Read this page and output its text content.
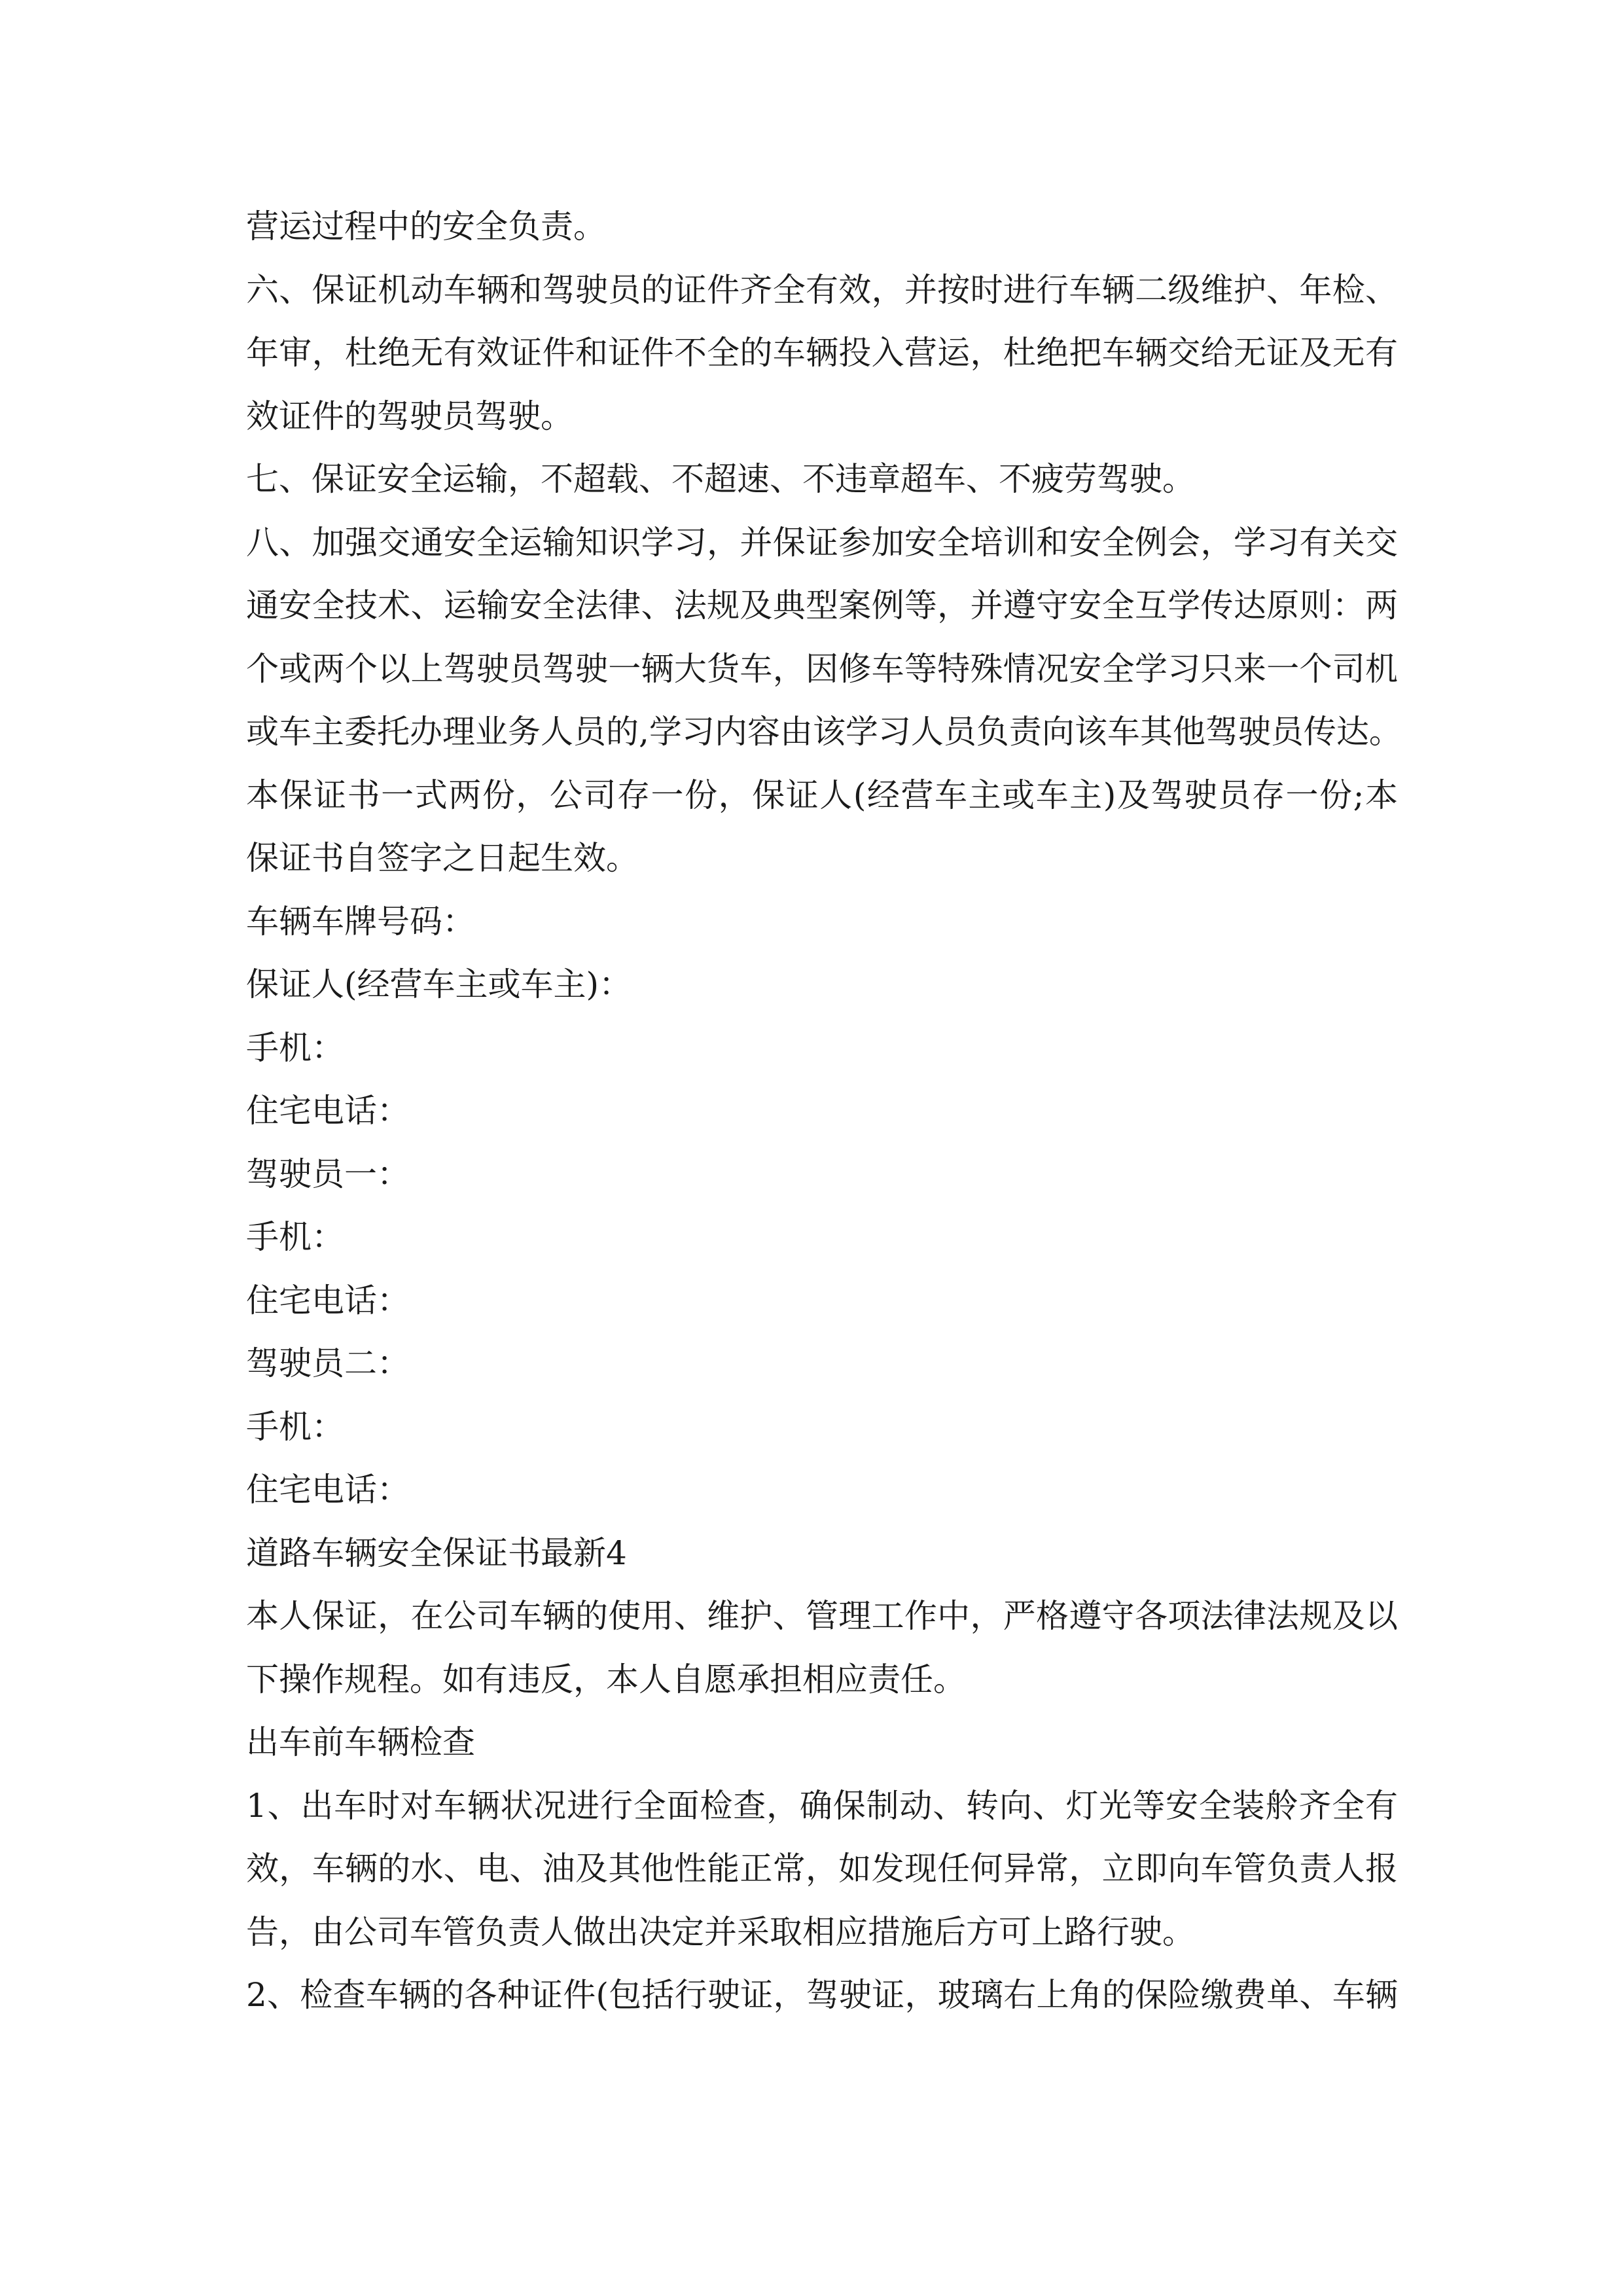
营运过程中的安全负责。
六、保证机动车辆和驾驶员的证件齐全有效，并按时进行车辆二级维护、年检、
年审，杜绝无有效证件和证件不全的车辆投入营运，杜绝把车辆交给无证及无有
效证件的驾驶员驾驶。
七、保证安全运输，不超载、不超速、不违章超车、不疲劳驾驶。
八、加强交通安全运输知识学习，并保证参加安全培训和安全例会，学习有关交
通安全技术、运输安全法律、法规及典型案例等，并遵守安全互学传达原则：两
个或两个以上驾驶员驾驶一辆大货车，因修车等特殊情况安全学习只来一个司机
或车主委托办理业务人员的,学习内容由该学习人员负责向该车其他驾驶员传达。
本保证书一式两份，公司存一份，保证人(经营车主或车主)及驾驶员存一份;本
保证书自签字之日起生效。
车辆车牌号码：
保证人(经营车主或车主)：
手机：
住宅电话：
驾驶员一：
手机：
住宅电话：
驾驶员二：
手机：
住宅电话：
道路车辆安全保证书最新4
本人保证，在公司车辆的使用、维护、管理工作中，严格遵守各项法律法规及以
下操作规程。如有违反，本人自愿承担相应责任。
出车前车辆检查
1、出车时对车辆状况进行全面检查，确保制动、转向、灯光等安全装舲齐全有
效，车辆的水、电、油及其他性能正常，如发现任何异常，立即向车管负责人报
告，由公司车管负责人做出决定并采取相应措施后方可上路行驶。
2、检查车辆的各种证件(包括行驶证，驾驶证，玻璃右上角的保险缴费单、车辆
